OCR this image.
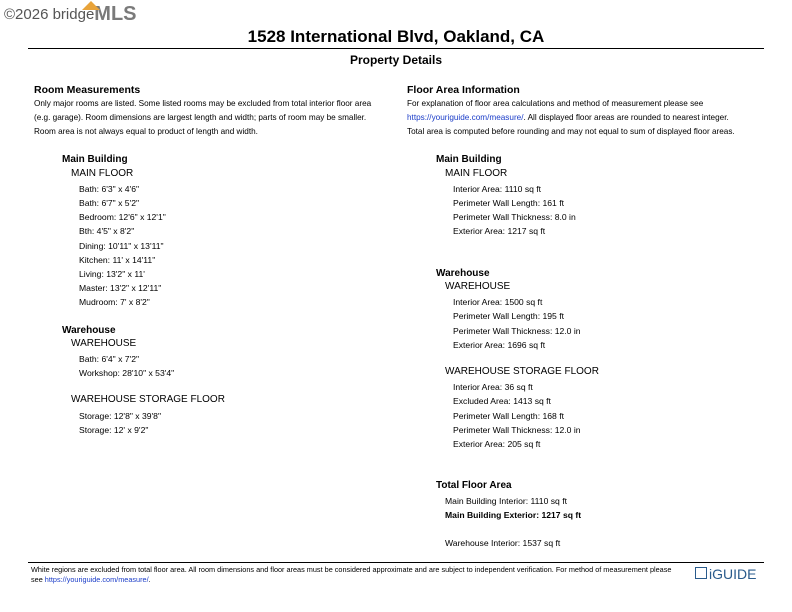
©2026 bridgeMLS
1528 International Blvd, Oakland, CA
Property Details
Room Measurements
Only major rooms are listed. Some listed rooms may be excluded from total interior floor area
(e.g. garage). Room dimensions are largest length and width; parts of room may be smaller.
Room area is not always equal to product of length and width.
Main Building
MAIN FLOOR
Bath: 6'3" x 4'6"
Bath: 6'7" x 5'2"
Bedroom: 12'6" x 12'1"
Bth: 4'5" x 8'2"
Dining: 10'11" x 13'11"
Kitchen: 11' x 14'11"
Living: 13'2" x 11'
Master: 13'2" x 12'11"
Mudroom: 7' x 8'2"
Warehouse
WAREHOUSE
Bath: 6'4" x 7'2"
Workshop: 28'10" x 53'4"
WAREHOUSE STORAGE FLOOR
Storage: 12'8" x 39'8"
Storage: 12' x 9'2"
Floor Area Information
For explanation of floor area calculations and method of measurement please see
https://youriguide.com/measure/. All displayed floor areas are rounded to nearest integer.
Total area is computed before rounding and may not equal to sum of displayed floor areas.
Main Building
MAIN FLOOR
Interior Area: 1110 sq ft
Perimeter Wall Length: 161 ft
Perimeter Wall Thickness: 8.0 in
Exterior Area: 1217 sq ft
Warehouse
WAREHOUSE
Interior Area: 1500 sq ft
Perimeter Wall Length: 195 ft
Perimeter Wall Thickness: 12.0 in
Exterior Area: 1696 sq ft
WAREHOUSE STORAGE FLOOR
Interior Area: 36 sq ft
Excluded Area: 1413 sq ft
Perimeter Wall Length: 168 ft
Perimeter Wall Thickness: 12.0 in
Exterior Area: 205 sq ft
Total Floor Area
Main Building Interior: 1110 sq ft
Main Building Exterior: 1217 sq ft
Warehouse Interior: 1537 sq ft
White regions are excluded from total floor area. All room dimensions and floor areas must be considered approximate and are subject to independent verification. For method of measurement please
see https://youriguide.com/measure/.	iGUIDE
